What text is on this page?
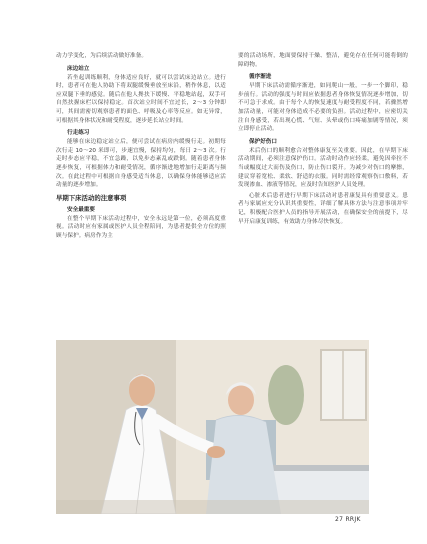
动力学变化，为后续活动做好准备。

床边站立

若坐起训练顺利，身体适应良好，就可以尝试床边站立。进行时，患者可在他人协助下将双腿缓慢垂放至床沿，稍作休息，以适应双腿下垂的感觉。随后在他人搀扶下缓慢、平稳地站起，双手可自然扶握床栏以保持稳定。首次站立时间不宜过长，2～3 分钟即可，其间需密切观察患者的面色、呼吸及心率等反应。如无异常，可根据其身体状况和耐受程度，逐步延长站立时间。

行走练习

能够在床边稳定站立后，便可尝试在病房内缓慢行走。初期每次行走 10～20 米即可，步速宜慢，保持均匀，每日 2～3 次。行走时步态应平稳，不宜急躁，以免步态紊乱或跌倒。随着患者身体逐步恢复，可根据体力和耐受情况，循序渐进地增加行走距离与频次。在此过程中可根据自身感受适当休息，以确保身体能够适应活动量的逐步增加。

早期下床活动的注意事项
安全最重要

在整个早期下床活动过程中，安全永远是第一位，必须高度重视。活动时应有家属或医护人员全程陪同，为患者提供全方位的照顾与保护。病房作为主

要的活动场所，地面要保持干燥、整洁，避免存在任何可能将倒的障碍物。

循序渐进

早期下床活动需循序渐进，如同爬山一般，一步一个脚印，稳步前行。活动的强度与时间应依据患者身体恢复情况逐步增加，切不可急于求成。由于每个人的恢复速度与耐受程度不同，若骤然增加活动量，可能对身体造成不必要的负担。活动过程中，应密切关注自身感受，若出现心慌、气短、头晕或伤口疼痛加剧等情况，须立即停止活动。

保护好伤口

术后伤口的顺利愈合对整体康复至关重要。因此，在早期下床活动期间，必须注意保护伤口。活动时动作应轻柔，避免因牵拉不当或幅度过大而伤及伤口，防止伤口裂开。为减少对伤口的摩擦，建议穿着宽松、柔软、舒适的衣服。同时需经常观察伤口敷料，若发现渗血、渗液等情况，应及时告知医护人员处理。

心脏术后患者进行早期下床活动对患者康复具有重要意义。患者与家属应充分认识其重要性，详细了解具体方法与注意事项并牢记，积极配合医护人员的指导开展活动，在确保安全的前提下，尽早开启康复训练，有效助力身体尽快恢复。

27 RRJK
